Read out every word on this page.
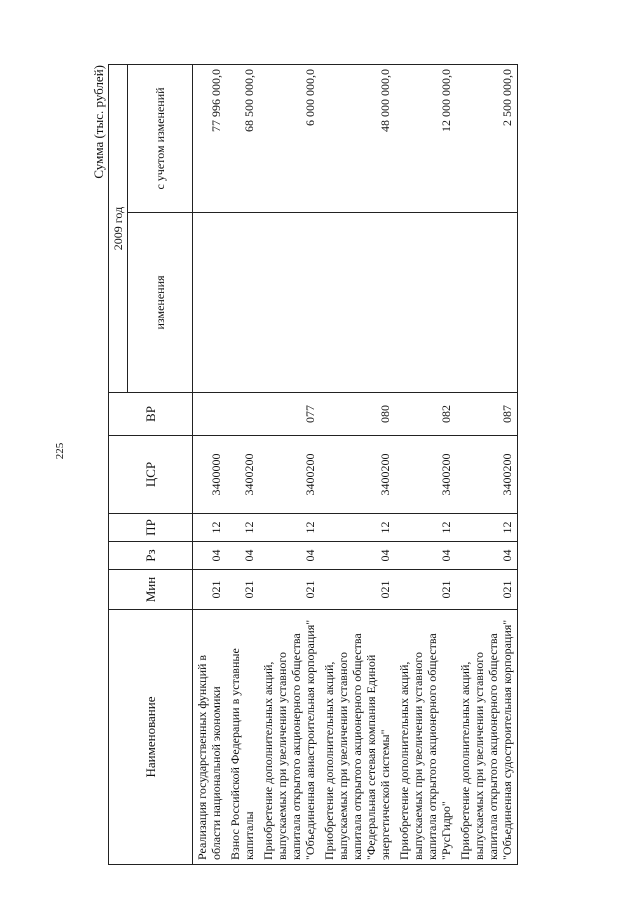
225
Сумма (тыс. рублей)
Наименование	Мин	Рз	ПР	ЦСР	ВР	2009 год	
						изменения	с учетом изменений
Реализация государственных функций в области национальной экономики	021	04	12	3400000			77 996 000,0
Взнос Российской Федерации в уставные капиталы	021	04	12	3400200			68 500 000,0
Приобретение дополнительных акций, выпускаемых при увеличении уставного капитала открытого акционерного общества "Объединенная авиастроительная корпорация"	021	04	12	3400200	077		6 000 000,0
Приобретение дополнительных акций, выпускаемых при увеличении уставного капитала открытого акционерного общества "Федеральная сетевая компания Единой энергетической системы"	021	04	12	3400200	080		48 000 000,0
Приобретение дополнительных акций, выпускаемых при увеличении уставного капитала открытого акционерного общества "РусГидро"	021	04	12	3400200	082		12 000 000,0
Приобретение дополнительных акций, выпускаемых при увеличении уставного капитала открытого акционерного общества "Объединенная судостроительная корпорация"	021	04	12	3400200	087		2 500 000,0
